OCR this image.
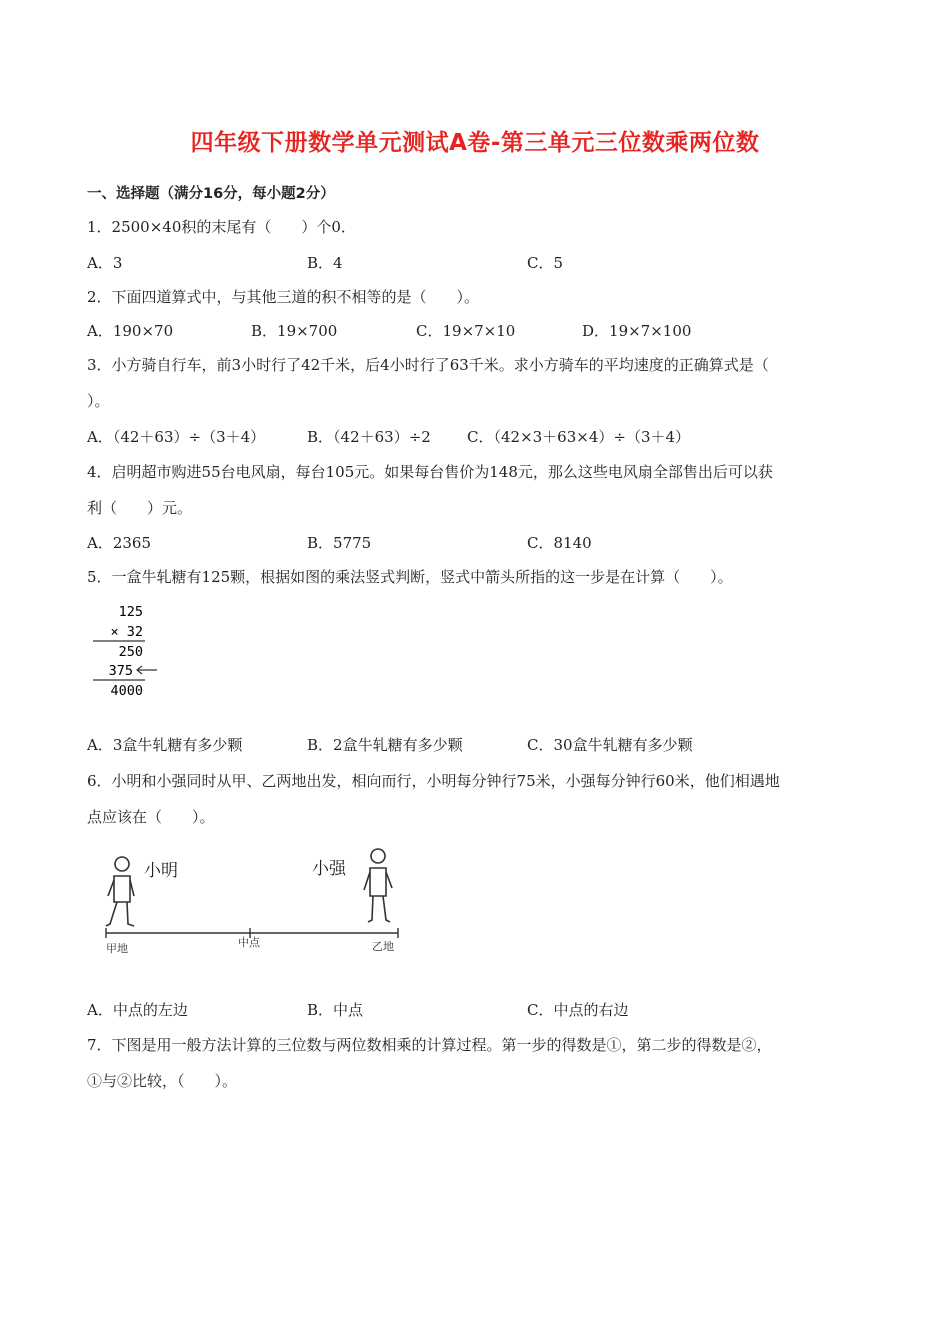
四年级下册数学单元测试A卷-第三单元三位数乘两位数
一、选择题（满分16分，每小题2分）
1．2500×40积的末尾有（　　）个0．
A．3	B．4	C．5
2．下面四道算式中，与其他三道的积不相等的是（　　）。
A．190×70	B．19×700	C．19×7×10	D．19×7×100
3．小方骑自行车，前3小时行了42千米，后4小时行了63千米。求小方骑车的平均速度的正确算式是（
）。
A．（42＋63）÷（3＋4）	B．（42＋63）÷2 C．（42×3＋63×4）÷（3＋4）
4．启明超市购进55台电风扇，每台105元。如果每台售价为148元，那么这些电风扇全部售出后可以获
利（　　）元。
A．2365	B．5775	C．8140
5．一盒牛轧糖有125颗，根据如图的乘法竖式判断，竖式中箭头所指的这一步是在计算（　　）。
125
× 32
250
375
4000
A．3盒牛轧糖有多少颗	B．2盒牛轧糖有多少颗	C．30盒牛轧糖有多少颗
6．小明和小强同时从甲、乙两地出发，相向而行，小明每分钟行75米，小强每分钟行60米，他们相遇地
点应该在（　　）。
小明	小强
甲地	中点	乙地
A．中点的左边	B．中点	C．中点的右边
7．下图是用一般方法计算的三位数与两位数相乘的计算过程。第一步的得数是①，第二步的得数是②，
①与②比较，（　　）。
